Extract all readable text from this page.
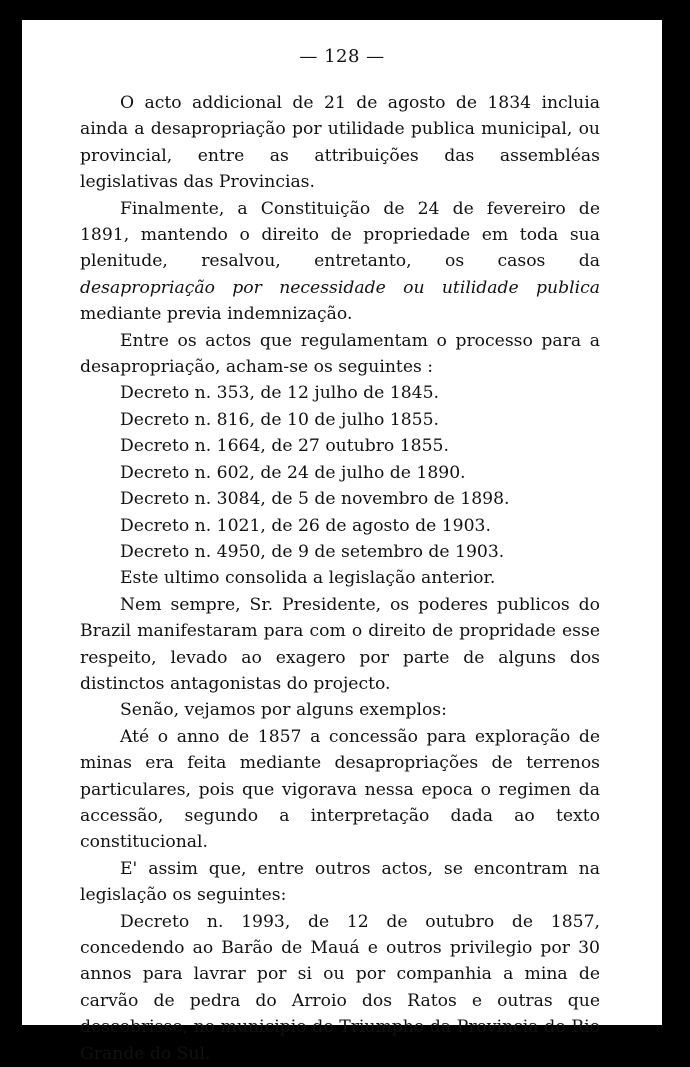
— 128 —

O acto addicional de 21 de agosto de 1834 incluia ainda a desapropriação por utilidade publica municipal, ou provincial, entre as attribuições das assembléas legislativas das Provincias.

Finalmente, a Constituição de 24 de fevereiro de 1891, mantendo o direito de propriedade em toda sua plenitude, resalvou, entretanto, os casos da desapropriação por necessidade ou utilidade publica mediante previa indemnização.

Entre os actos que regulamentam o processo para a desapropriação, acham-se os seguintes :

Decreto n. 353, de 12 julho de 1845.

Decreto n. 816, de 10 de julho 1855.

Decreto n. 1664, de 27 outubro 1855.

Decreto n. 602, de 24 de julho de 1890.

Decreto n. 3084, de 5 de novembro de 1898.

Decreto n. 1021, de 26 de agosto de 1903.

Decreto n. 4950, de 9 de setembro de 1903.

Este ultimo consolida a legislação anterior.

Nem sempre, Sr. Presidente, os poderes publicos do Brazil manifestaram para com o direito de propridade esse respeito, levado ao exagero por parte de alguns dos distinctos antagonistas do projecto.

Senão, vejamos por alguns exemplos:

Até o anno de 1857 a concessão para exploração de minas era feita mediante desapropriações de terrenos particulares, pois que vigorava nessa epoca o regimen da accessão, segundo a interpretação dada ao texto constitucional.

E' assim que, entre outros actos, se encontram na legislação os seguintes:

Decreto n. 1993, de 12 de outubro de 1857, concedendo ao Barão de Mauá e outros privilegio por 30 annos para lavrar por si ou por companhia a mina de carvão de pedra do Arroio dos Ratos e outras que descobrisse, no municipio do Triumpho da Provincia do Rio Grande do Sul.
